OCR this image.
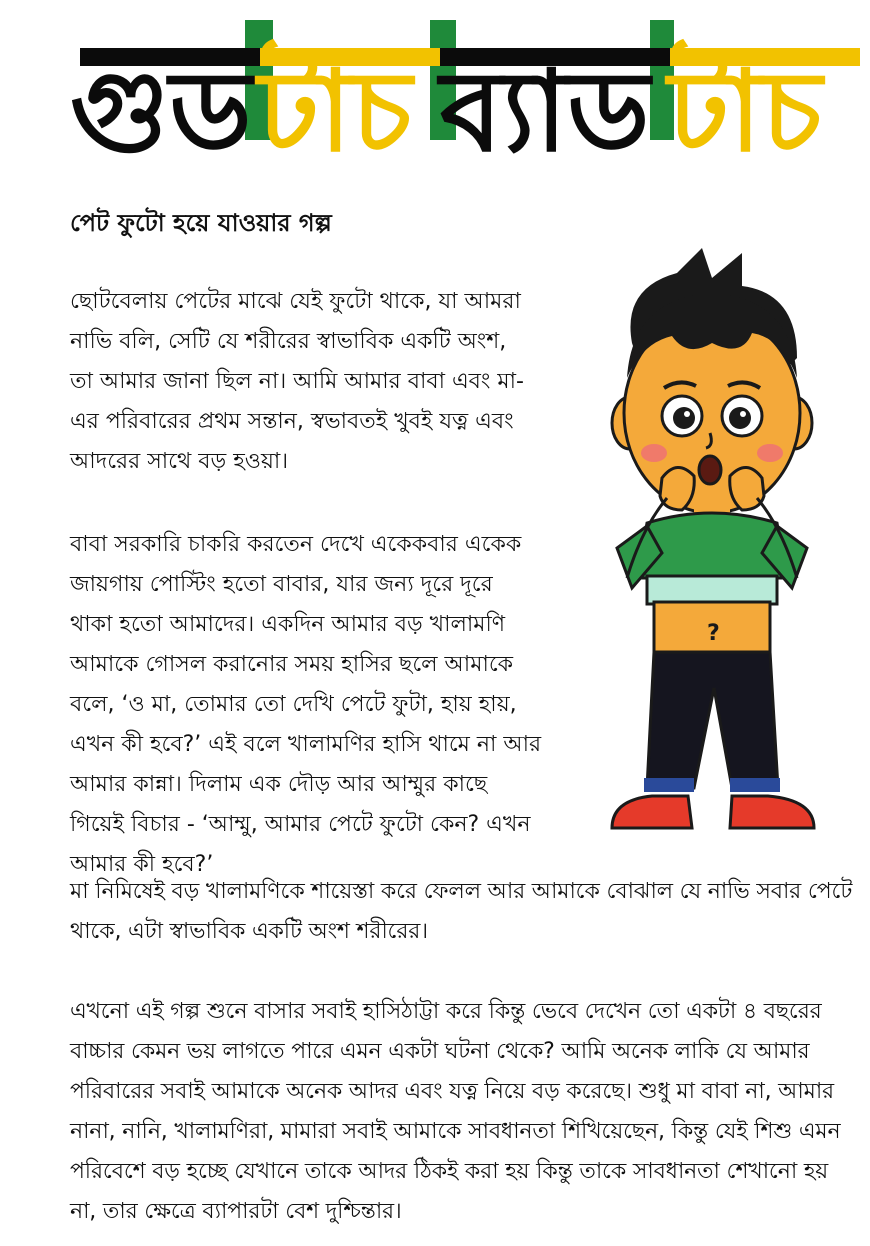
গুড টাচ ব্যাড টাচ
পেট ফুটো হয়ে যাওয়ার গল্প
ছোটবেলায় পেটের মাঝে যেই ফুটো থাকে, যা আমরা
নাভি বলি, সেটি যে শরীরের স্বাভাবিক একটি অংশ,
তা আমার জানা ছিল না। আমি আমার বাবা এবং মা-
এর পরিবারের প্রথম সন্তান, স্বভাবতই খুবই যত্ন এবং
আদরের সাথে বড় হওয়া।
বাবা সরকারি চাকরি করতেন দেখে একেকবার একেক
জায়গায় পোস্টিং হতো বাবার, যার জন্য দূরে দূরে
থাকা হতো আমাদের। একদিন আমার বড় খালামণি
আমাকে গোসল করানোর সময় হাসির ছলে আমাকে
বলে, ‘ও মা, তোমার তো দেখি পেটে ফুটা, হায় হায়,
এখন কী হবে?’ এই বলে খালামণির হাসি থামে না আর
আমার কান্না। দিলাম এক দৌড় আর আম্মুর কাছে
গিয়েই বিচার - ‘আম্মু, আমার পেটে ফুটো কেন? এখন
আমার কী হবে?’
মা নিমিষেই বড় খালামণিকে শায়েস্তা করে ফেলল আর আমাকে বোঝাল যে নাভি সবার পেটে
থাকে, এটা স্বাভাবিক একটি অংশ শরীরের।
এখনো এই গল্প শুনে বাসার সবাই হাসিঠাট্টা করে কিন্তু ভেবে দেখেন তো একটা ৪ বছরের
বাচ্চার কেমন ভয় লাগতে পারে এমন একটা ঘটনা থেকে? আমি অনেক লাকি যে আমার
পরিবারের সবাই আমাকে অনেক আদর এবং যত্ন নিয়ে বড় করেছে। শুধু মা বাবা না, আমার
নানা, নানি, খালামণিরা, মামারা সবাই আমাকে সাবধানতা শিখিয়েছেন, কিন্তু যেই শিশু এমন
পরিবেশে বড় হচ্ছে যেখানে তাকে আদর ঠিকই করা হয় কিন্তু তাকে সাবধানতা শেখানো হয়
না, তার ক্ষেত্রে ব্যাপারটা বেশ দুশ্চিন্তার।
?
